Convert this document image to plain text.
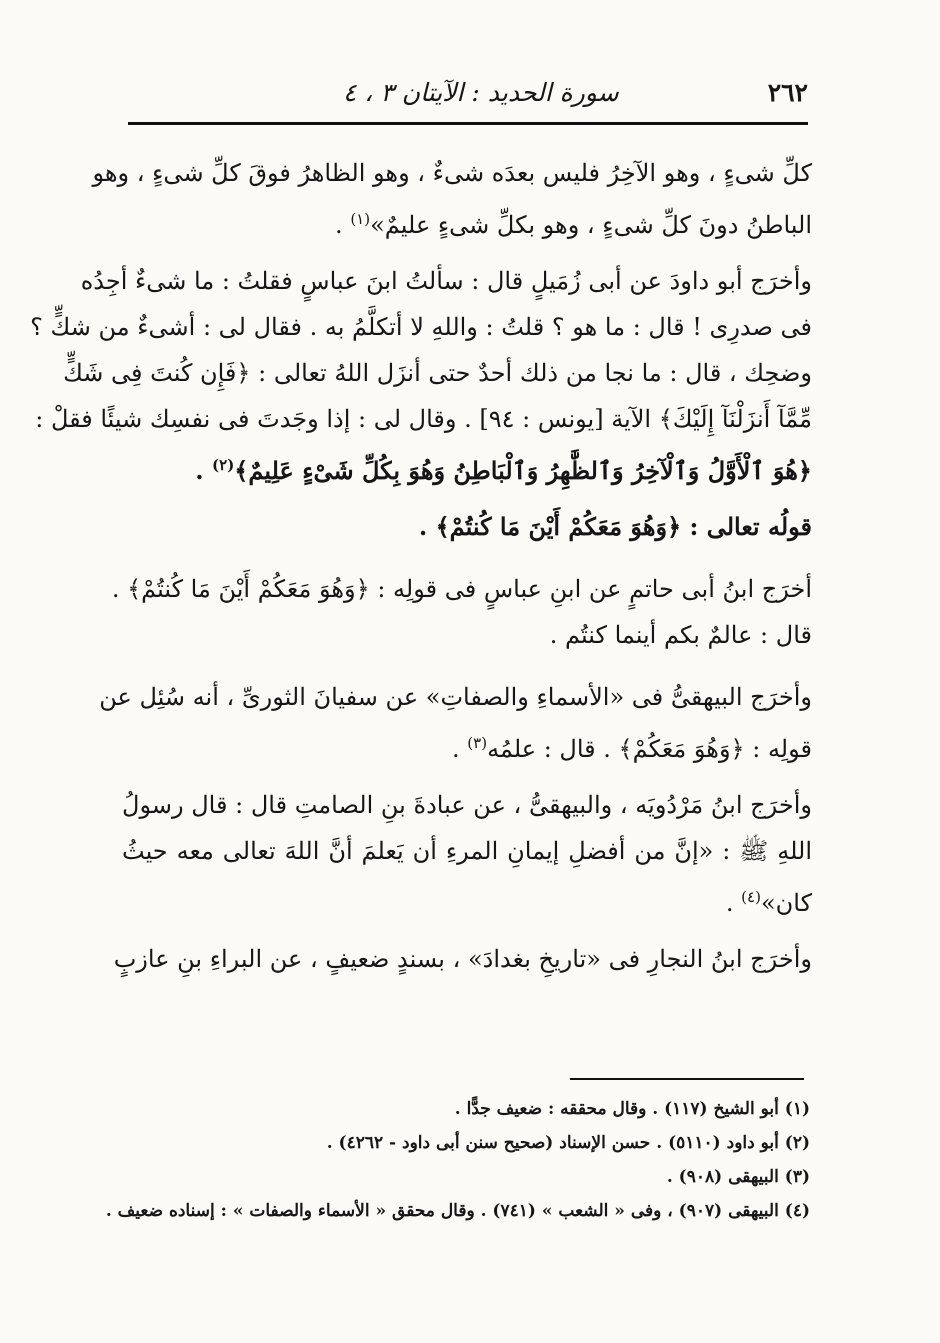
٢٦٢
سورة الحديد : الآيتان ٣ ، ٤
كلِّ شىءٍ ، وهو الآخِرُ فليس بعدَه شىءٌ ، وهو الظاهرُ فوقَ كلِّ شىءٍ ، وهو
الباطنُ دونَ كلِّ شىءٍ ، وهو بكلِّ شىءٍ عليمٌ»$^{(١)}$ .
وأخرَج أبو داودَ عن أبى زُمَيلٍ قال : سألتُ ابنَ عباسٍ فقلتُ : ما شىءٌ أجِدُه
فى صدرِى ! قال : ما هو ؟ قلتُ : واللهِ لا أتكلَّمُ به . فقال لى : أشىءٌ من شكٍّ ؟
وضحِك ، قال : ما نجا من ذلك أحدٌ حتى أنزَل اللهُ تعالى : ﴿فَإِن كُنتَ فِى شَكٍّ
مِّمَّآ أَنزَلْنَآ إِلَيْكَ﴾ الآية [يونس : ٩٤] . وقال لى : إذا وجَدتَ فى نفسِك شيئًا فقلْ :
﴿هُوَ ٱلْأَوَّلُ وَٱلْآخِرُ وَٱلظَّٰهِرُ وَٱلْبَاطِنُ وَهُوَ بِكُلِّ شَىْءٍ عَلِيمٌ﴾$^{(٢)}$ .
قولُه تعالى : ﴿وَهُوَ مَعَكُمْ أَيْنَ مَا كُنتُمْ﴾ .
أخرَج ابنُ أبى حاتمٍ عن ابنِ عباسٍ فى قولِه : ﴿وَهُوَ مَعَكُمْ أَيْنَ مَا كُنتُمْ﴾ .
قال : عالمٌ بكم أينما كنتُم .
وأخرَج البيهقىُّ فى «الأسماءِ والصفاتِ» عن سفيانَ الثورىِّ ، أنه سُئِل عن
قولِه : ﴿وَهُوَ مَعَكُمْ﴾ . قال : علمُه$^{(٣)}$ .
وأخرَج ابنُ مَرْدُويَه ، والبيهقىُّ ، عن عبادةَ بنِ الصامتِ قال : قال رسولُ
اللهِ ﷺ : «إنَّ من أفضلِ إيمانِ المرءِ أن يَعلمَ أنَّ اللهَ تعالى معه حيثُ
كان»$^{(٤)}$ .
وأخرَج ابنُ النجارِ فى «تاريخِ بغدادَ» ، بسندٍ ضعيفٍ ، عن البراءِ بنِ عازبٍ
(١) أبو الشيخ (١١٧) . وقال محققه : ضعيف جدًّا .
(٢) أبو داود (٥١١٠) . حسن الإسناد (صحيح سنن أبى داود - ٤٢٦٢) .
(٣) البيهقى (٩٠٨) .
(٤) البيهقى (٩٠٧) ، وفى « الشعب » (٧٤١) . وقال محقق « الأسماء والصفات » : إسناده ضعيف .
